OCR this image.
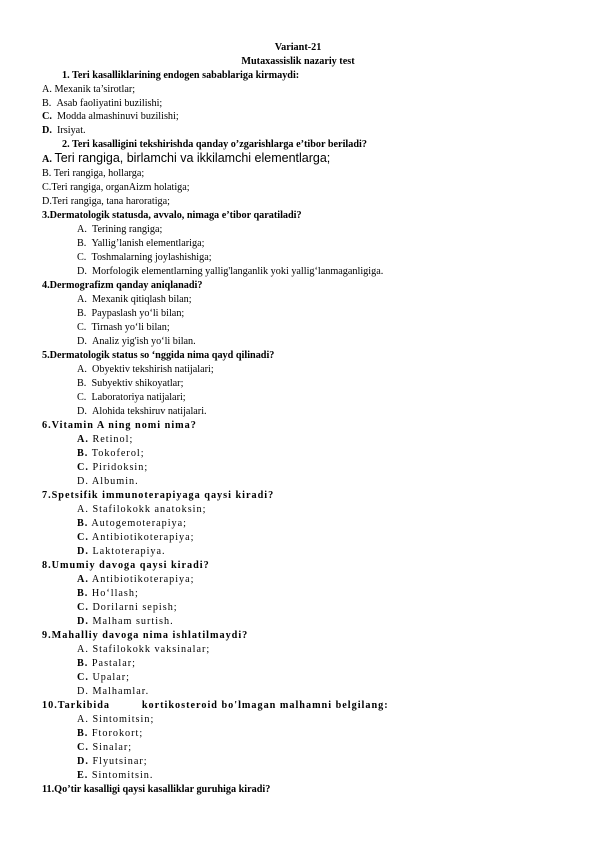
Variant-21
Mutaxassislik nazariy test
1. Teri kasalliklarining endogen sabablariga kirmaydi:
A. Mexanik ta’sirotlar;
B. Asab faoliyatini buzilishi;
C. Modda almashinuvi buzilishi;
D. Irsiyat.
2. Teri kasalligini tekshirishda qanday o’zgarishlarga e’tibor beriladi?
A. Teri rangiga, birlamchi va ikkilamchi elementlarga;
B. Teri rangiga, hollarga;
C.Teri rangiga, organAizm holatiga;
D.Teri rangiga, tana haroratiga;
3.Dermatologik statusda, avvalo, nimaga e’tibor qaratiladi?
A. Terining rangiga;
B. Yallig’lanish elementlariga;
C. Toshmalarning joylashishiga;
D. Morfologik elementlarning yallig'langanlik yoki yallig‘lanmaganligiga.
4.Dermografizm qanday aniqlanadi?
A. Mexanik qitiqlash bilan;
B. Paypaslash yo‘li bilan;
C. Tirnash yo‘li bilan;
D. Analiz yig'ish yo‘li bilan.
5.Dermatologik status so ‘nggida nima qayd qilinadi?
A. Obyektiv tekshirish natijalari;
B. Subyektiv shikoyatlar;
C. Laboratoriya natijalari;
D. Alohida tekshiruv natijalari.
6.Vitamin A ning nomi nima?
A. Retinol;
B. Tokoferol;
C. Piridoksin;
D. Albumin.
7.Spetsifik immunoterapiyaga qaysi kiradi?
A. Stafilokokk anatoksin;
B. Autogemoterapiya;
C. Antibiotikoterapiya;
D. Laktoterapiya.
8.Umumiy davoga qaysi kiradi?
A. Antibiotikoterapiya;
B. Ho‘llash;
C. Dorilarni sepish;
D. Malham surtish.
9.Mahalliy davoga nima ishlatilmaydi?
A. Stafilokokk vaksinalar;
B. Pastalar;
C. Upalar;
D. Malhamlar.
10.Tarkibida         kortikosteroid bo'lmagan malhamni belgilang:
A. Sintomitsin;
B. Ftorokort;
C. Sinalar;
D. Flyutsinar;
E. Sintomitsin.
11.Qo’tir kasalligi qaysi kasalliklar guruhiga kiradi?
